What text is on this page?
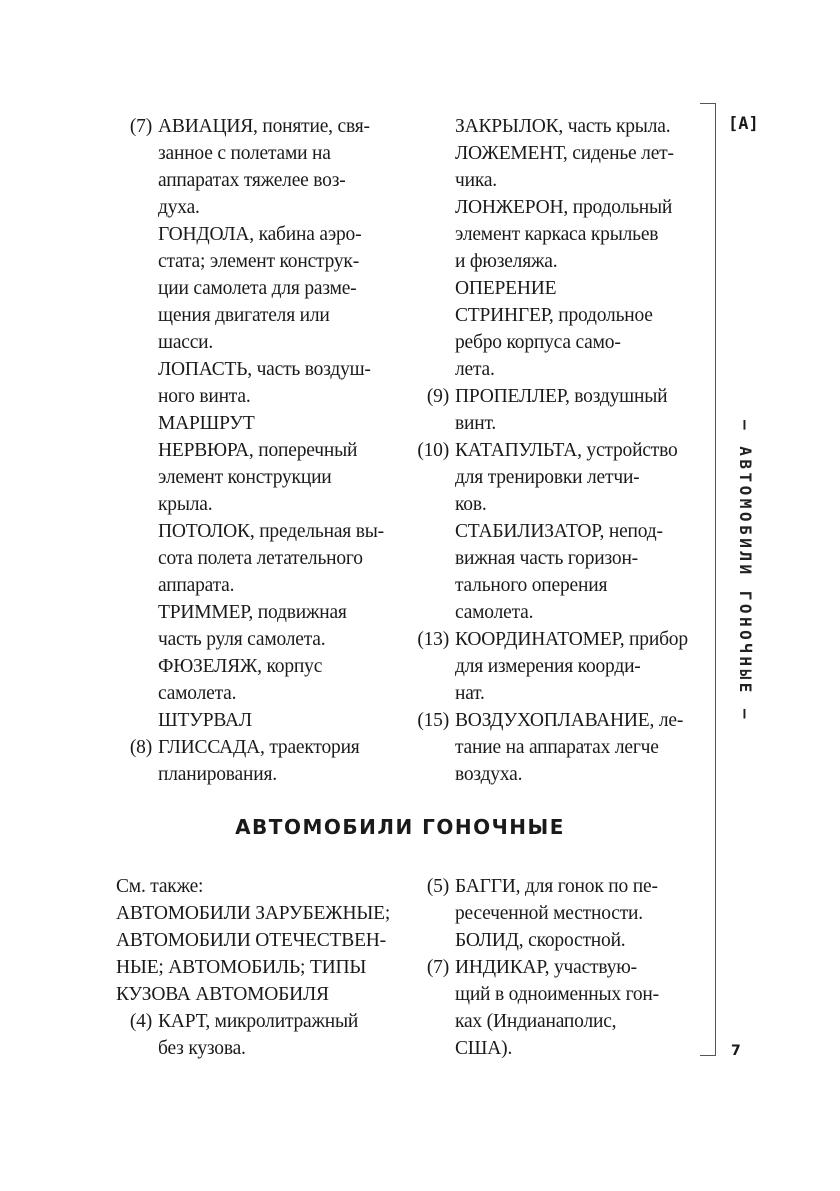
(7) АВИАЦИЯ, понятие, свя-
занное с полетами на
аппаратах тяжелее воз-
духа.
ГОНДОЛА, кабина аэро-
стата; элемент конструк-
ции самолета для разме-
щения двигателя или
шасси.
ЛОПАСТЬ, часть воздуш-
ного винта.
МАРШРУТ
НЕРВЮРА, поперечный
элемент конструкции
крыла.
ПОТОЛОК, предельная вы-
сота полета летательного
аппарата.
ТРИММЕР, подвижная
часть руля самолета.
ФЮЗЕЛЯЖ, корпус
самолета.
ШТУРВАЛ
(8) ГЛИССАДА, траектория
планирования.
ЗАКРЫЛОК, часть крыла.
ЛОЖЕМЕНТ, сиденье лет-
чика.
ЛОНЖЕРОН, продольный
элемент каркаса крыльев
и фюзеляжа.
ОПЕРЕНИЕ
СТРИНГЕР, продольное
ребро корпуса само-
лета.
(9) ПРОПЕЛЛЕР, воздушный
винт.
(10) КАТАПУЛЬТА, устройство
для тренировки летчи-
ков.
СТАБИЛИЗАТОР, непод-
вижная часть горизон-
тального оперения
самолета.
(13) КООРДИНАТОМЕР, прибор
для измерения коорди-
нат.
(15) ВОЗДУХОПЛАВАНИЕ, ле-
тание на аппаратах легче
воздуха.
АВТОМОБИЛИ ГОНОЧНЫЕ
См. также:
АВТОМОБИЛИ ЗАРУБЕЖНЫЕ;
АВТОМОБИЛИ ОТЕЧЕСТВЕН-
НЫЕ; АВТОМОБИЛЬ; ТИПЫ
КУЗОВА АВТОМОБИЛЯ
(4) КАРТ, микролитражный
без кузова.
(5) БАГГИ, для гонок по пе-
ресеченной местности.
БОЛИД, скоростной.
(7) ИНДИКАР, участвую-
щий в одноименных гон-
ках (Индианаполис,
США).
[А]
– АВТОМОБИЛИ ГОНОЧНЫЕ –
7
